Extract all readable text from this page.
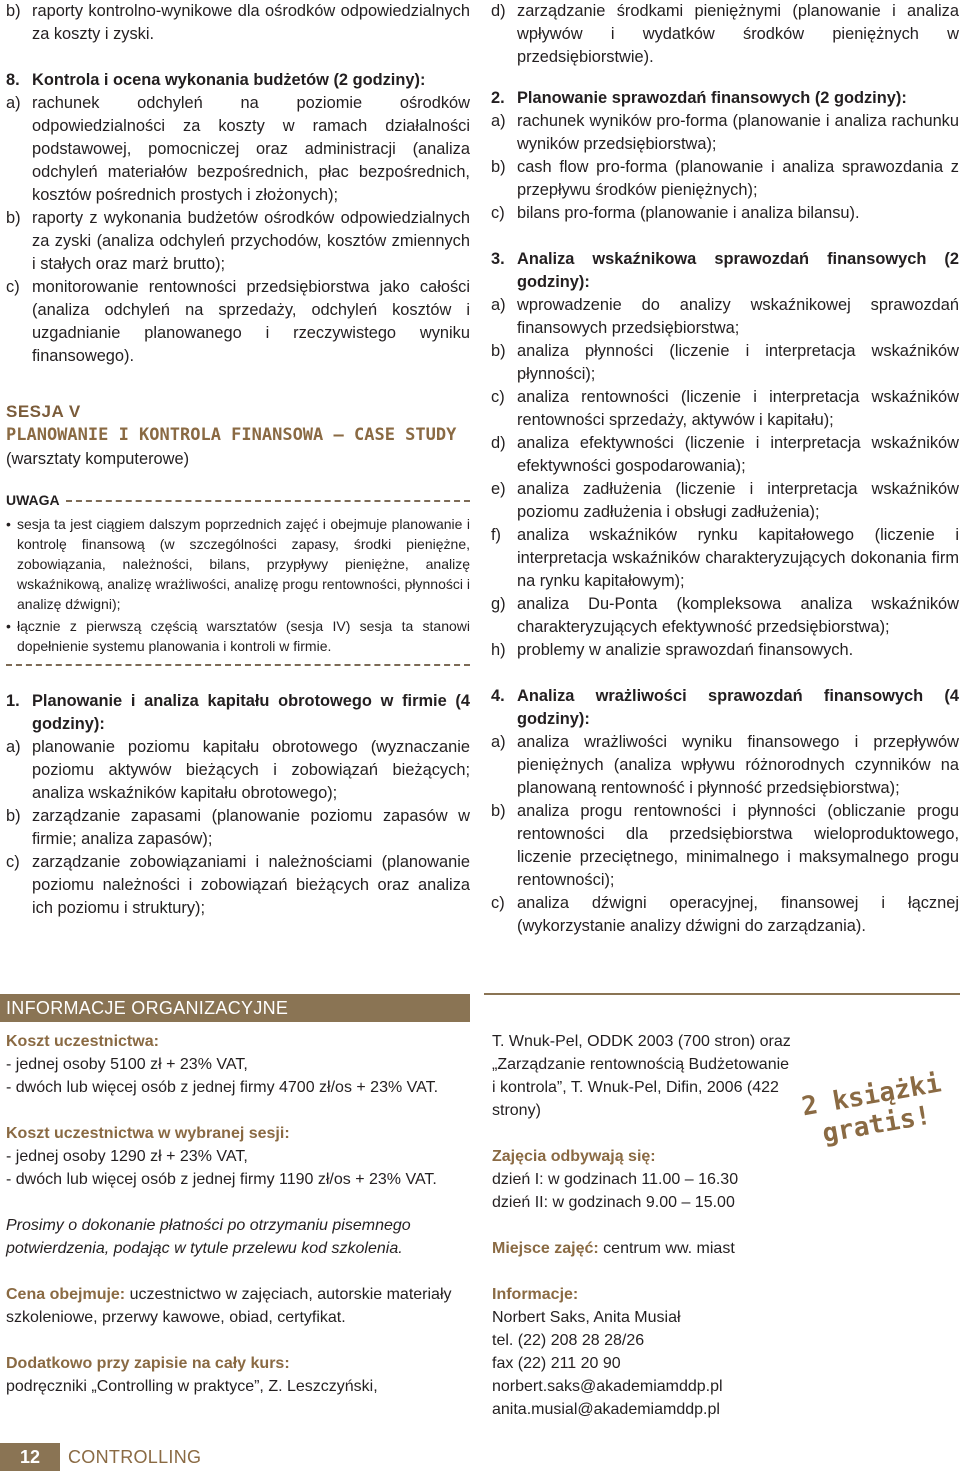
b) raporty kontrolno-wynikowe dla ośrodków odpowiedzialnych za koszty i zyski.
8. Kontrola i ocena wykonania budżetów (2 godziny):
a) rachunek odchyleń na poziomie ośrodków odpowiedzialności za koszty w ramach działalności podstawowej, pomocniczej oraz administracji (analiza odchyleń materiałów bezpośrednich, płac bezpośrednich, kosztów pośrednich prostych i złożonych);
b) raporty z wykonania budżetów ośrodków odpowiedzialnych za zyski (analiza odchyleń przychodów, kosztów zmiennych i stałych oraz marż brutto);
c) monitorowanie rentowności przedsiębiorstwa jako całości (analiza odchyleń na sprzedaży, odchyleń kosztów i uzgadnianie planowanego i rzeczywistego wyniku finansowego).
SESJA V
PLANOWANIE I KONTROLA FINANSOWA – CASE STUDY
(warsztaty komputerowe)
UWAGA
• sesja ta jest ciągiem dalszym poprzednich zajęć i obejmuje planowanie i kontrolę finansową (w szczególności zapasy, środki pieniężne, zobowiązania, należności, bilans, przypływy pieniężne, analizę wskaźnikową, analizę wrażliwości, analizę progu rentowności, płynności i analizę dźwigni);
• łącznie z pierwszą częścią warsztatów (sesja IV) sesja ta stanowi dopełnienie systemu planowania i kontroli w firmie.
1. Planowanie i analiza kapitału obrotowego w firmie (4 godziny):
a) planowanie poziomu kapitału obrotowego (wyznaczanie poziomu aktywów bieżących i zobowiązań bieżących; analiza wskaźników kapitału obrotowego);
b) zarządzanie zapasami (planowanie poziomu zapasów w firmie; analiza zapasów);
c) zarządzanie zobowiązaniami i należnościami (planowanie poziomu należności i zobowiązań bieżących oraz analiza ich poziomu i struktury);
d) zarządzanie środkami pieniężnymi (planowanie i analiza wpływów i wydatków środków pieniężnych w przedsiębiorstwie).
2. Planowanie sprawozdań finansowych (2 godziny):
a) rachunek wyników pro-forma (planowanie i analiza rachunku wyników przedsiębiorstwa);
b) cash flow pro-forma (planowanie i analiza sprawozdania z przepływu środków pieniężnych);
c) bilans pro-forma (planowanie i analiza bilansu).
3. Analiza wskaźnikowa sprawozdań finansowych (2 godziny):
a) wprowadzenie do analizy wskaźnikowej sprawozdań finansowych przedsiębiorstwa;
b) analiza płynności (liczenie i interpretacja wskaźników płynności);
c) analiza rentowności (liczenie i interpretacja wskaźników rentowności sprzedaży, aktywów i kapitału);
d) analiza efektywności (liczenie i interpretacja wskaźników efektywności gospodarowania);
e) analiza zadłużenia (liczenie i interpretacja wskaźników poziomu zadłużenia i obsługi zadłużenia);
f) analiza wskaźników rynku kapitałowego (liczenie i interpretacja wskaźników charakteryzujących dokonania firm na rynku kapitałowym);
g) analiza Du-Ponta (kompleksowa analiza wskaźników charakteryzujących efektywność przedsiębiorstwa);
h) problemy w analizie sprawozdań finansowych.
4. Analiza wrażliwości sprawozdań finansowych (4 godziny):
a) analiza wrażliwości wyniku finansowego i przepływów pieniężnych (analiza wpływu różnorodnych czynników na planowaną rentowność i płynność przedsiębiorstwa);
b) analiza progu rentowności i płynności (obliczanie progu rentowności dla przedsiębiorstwa wieloproduktowego, liczenie przeciętnego, minimalnego i maksymalnego progu rentowności);
c) analiza dźwigni operacyjnej, finansowej i łącznej (wykorzystanie analizy dźwigni do zarządzania).
INFORMACJE ORGANIZACYJNE
Koszt uczestnictwa:
- jednej osoby 5100 zł + 23% VAT,
- dwóch lub więcej osób z jednej firmy 4700 zł/os + 23% VAT.
Koszt uczestnictwa w wybranej sesji:
- jednej osoby 1290 zł + 23% VAT,
- dwóch lub więcej osób z jednej firmy 1190 zł/os + 23% VAT.
Prosimy o dokonanie płatności po otrzymaniu pisemnego potwierdzenia, podając w tytule przelewu kod szkolenia.
Cena obejmuje: uczestnictwo w zajęciach, autorskie materiały szkoleniowe, przerwy kawowe, obiad, certyfikat.
Dodatkowo przy zapisie na cały kurs:
podręczniki „Controlling w praktyce”, Z. Leszczyński,
T. Wnuk-Pel, ODDK 2003 (700 stron) oraz „Zarządzanie rentownością Budżetowanie i kontrola”, T. Wnuk-Pel, Difin, 2006 (422 strony)
Zajęcia odbywają się:
dzień I: w godzinach 11.00 – 16.30
dzień II: w godzinach 9.00 – 15.00
Miejsce zajęć: centrum ww. miast
Informacje:
Norbert Saks, Anita Musiał
tel. (22) 208 28 28/26
fax (22) 211 20 90
norbert.saks@akademiamddp.pl
anita.musial@akademiamddp.pl
2 książki gratis!
12	CONTROLLING
